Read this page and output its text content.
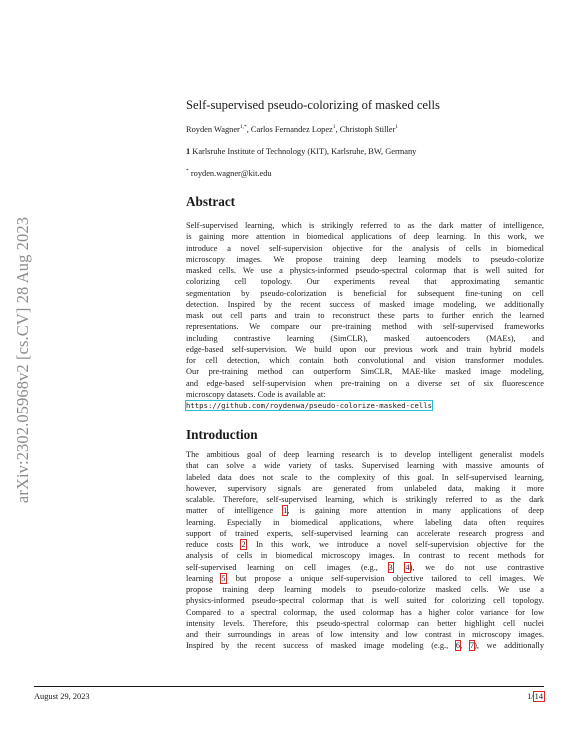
arXiv:2302.05968v2 [cs.CV] 28 Aug 2023
Self-supervised pseudo-colorizing of masked cells
Royden Wagner$^{1,*}$, Carlos Fernandez Lopez$^1$, Christoph Stiller$^1$
1 Karlsruhe Institute of Technology (KIT), Karlsruhe, BW, Germany
* royden.wagner@kit.edu
Abstract
Self-supervised learning, which is strikingly referred to as the dark matter of intelligence,
is gaining more attention in biomedical applications of deep learning. In this work, we
introduce a novel self-supervision objective for the analysis of cells in biomedical
microscopy images. We propose training deep learning models to pseudo-colorize
masked cells. We use a physics-informed pseudo-spectral colormap that is well suited for
colorizing cell topology. Our experiments reveal that approximating semantic
segmentation by pseudo-colorization is beneficial for subsequent fine-tuning on cell
detection. Inspired by the recent success of masked image modeling, we additionally
mask out cell parts and train to reconstruct these parts to further enrich the learned
representations. We compare our pre-training method with self-supervised frameworks
including contrastive learning (SimCLR), masked autoencoders (MAEs), and
edge-based self-supervision. We build upon our previous work and train hybrid models
for cell detection, which contain both convolutional and vision transformer modules.
Our pre-training method can outperform SimCLR, MAE-like masked image modeling,
and edge-based self-supervision when pre-training on a diverse set of six fluorescence
microscopy datasets. Code is available at:
https://github.com/roydenwa/pseudo-colorize-masked-cells
Introduction
The ambitious goal of deep learning research is to develop intelligent generalist models
that can solve a wide variety of tasks. Supervised learning with massive amounts of
labeled data does not scale to the complexity of this goal. In self-supervised learning,
however, supervisory signals are generated from unlabeled data, making it more
scalable. Therefore, self-supervised learning, which is strikingly referred to as the dark
matter of intelligence 1, is gaining more attention in many applications of deep
learning. Especially in biomedical applications, where labeling data often requires
support of trained experts, self-supervised learning can accelerate research progress and
reduce costs 2. In this work, we introduce a novel self-supervision objective for the
analysis of cells in biomedical microscopy images. In contrast to recent methods for
self-supervised learning on cell images (e.g., 3, 4), we do not use contrastive
learning 5, but propose a unique self-supervision objective tailored to cell images. We
propose training deep learning models to pseudo-colorize masked cells. We use a
physics-informed pseudo-spectral colormap that is well suited for colorizing cell topology.
Compared to a spectral colormap, the used colormap has a higher color variance for low
intensity levels. Therefore, this pseudo-spectral colormap can better highlight cell nuclei
and their surroundings in areas of low intensity and low contrast in microscopy images.
Inspired by the recent success of masked image modeling (e.g., 6, 7), we additionally
August 29, 2023	1/14
